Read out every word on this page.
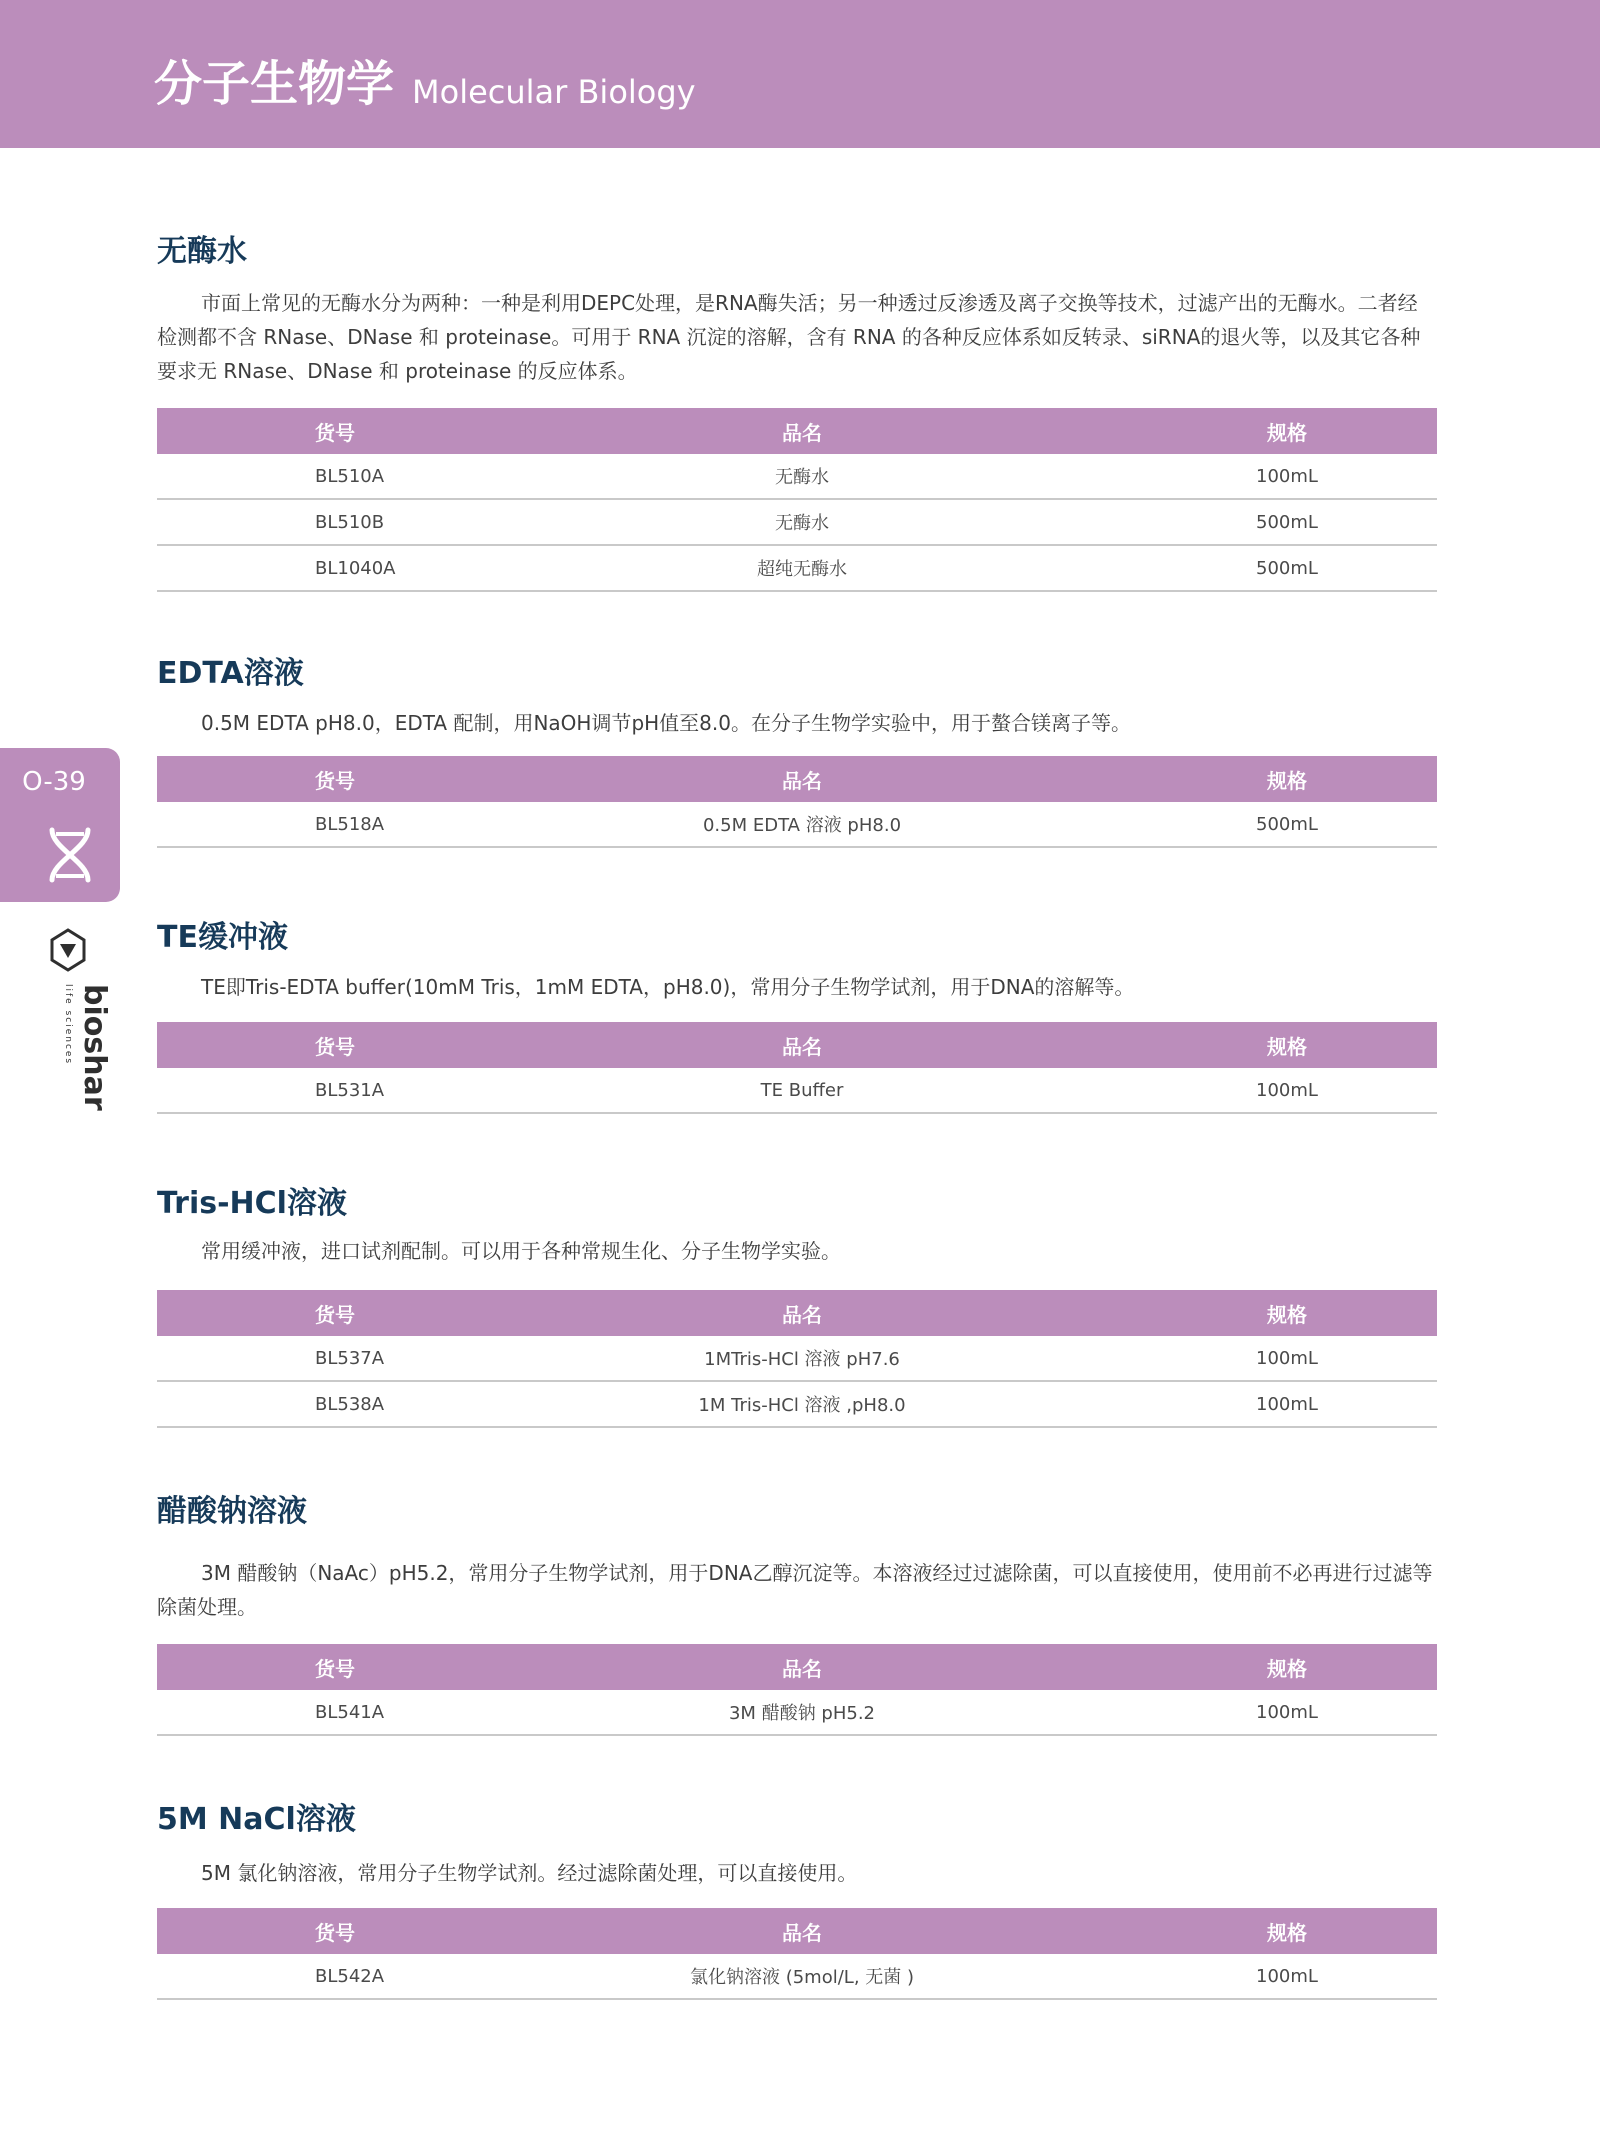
分子生物学 Molecular Biology
O-39
bioshar
life sciences
无酶水

市面上常见的无酶水分为两种：一种是利用DEPC处理，是RNA酶失活；另一种透过反渗透及离子交换等技术，过滤产出的无酶水。二者经检测都不含 RNase、DNase 和 proteinase。可用于 RNA 沉淀的溶解，含有 RNA 的各种反应体系如反转录、siRNA的退火等，以及其它各种要求无 RNase、DNase 和 proteinase 的反应体系。

货号	品名	规格
BL510A	无酶水	100mL
BL510B	无酶水	500mL
BL1040A	超纯无酶水	500mL
EDTA溶液

0.5M EDTA pH8.0，EDTA 配制，用NaOH调节pH值至8.0。在分子生物学实验中，用于螯合镁离子等。

货号	品名	规格
BL518A	0.5M EDTA 溶液 pH8.0	500mL
TE缓冲液

TE即Tris-EDTA buffer(10mM Tris，1mM EDTA，pH8.0)，常用分子生物学试剂，用于DNA的溶解等。

货号	品名	规格
BL531A	TE Buffer	100mL
Tris-HCl溶液

常用缓冲液，进口试剂配制。可以用于各种常规生化、分子生物学实验。

货号	品名	规格
BL537A	1MTris-HCl 溶液 pH7.6	100mL
BL538A	1M Tris-HCl 溶液 ,pH8.0	100mL
醋酸钠溶液

3M 醋酸钠（NaAc）pH5.2，常用分子生物学试剂，用于DNA乙醇沉淀等。本溶液经过过滤除菌，可以直接使用，使用前不必再进行过滤等除菌处理。

货号	品名	规格
BL541A	3M 醋酸钠 pH5.2	100mL
5M NaCl溶液

5M 氯化钠溶液，常用分子生物学试剂。经过滤除菌处理，可以直接使用。

货号	品名	规格
BL542A	氯化钠溶液 (5mol/L, 无菌 )	100mL
